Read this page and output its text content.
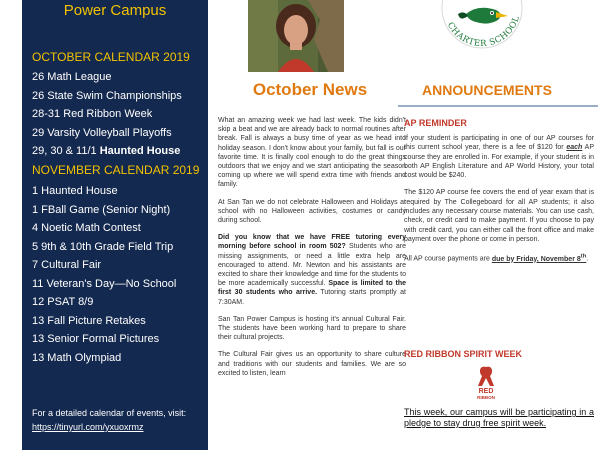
Power Campus
OCTOBER CALENDAR 2019
26 Math League
26 State Swim Championships
28-31 Red Ribbon Week
29 Varsity Volleyball Playoffs
29, 30 & 11/1 Haunted House
NOVEMBER CALENDAR 2019
1 Haunted House
1 FBall Game (Senior Night)
4 Noetic Math Contest
5 9th & 10th Grade Field Trip
7 Cultural Fair
11 Veteran's Day—No School
12 PSAT 8/9
13 Fall Picture Retakes
13 Senior Formal Pictures
13 Math Olympiad
For a detailed calendar of events, visit:
https://tinyurl.com/yxuoxrmz
October News

What an amazing week we had last week. The kids didn't skip a beat and we are already back to normal routines after break. Fall is always a busy time of year as we head into holiday season. I don't know about your family, but fall is our favorite time. It is finally cool enough to do the great things outdoors that we enjoy and we start anticipating the season coming up where we will spend extra time with friends and family.

At San Tan we do not celebrate Halloween and Holidays at school with no Halloween activities, costumes or candy during school.

Did you know that we have FREE tutoring every morning before school in room 502? Students who are missing assignments, or need a little extra help are encouraged to attend. Mr. Newton and his assistants are excited to share their knowledge and time for the students to be more academically successful. Space is limited to the first 30 students who arrive. Tutoring starts promptly at 7:30AM.

San Tan Power Campus is hosting it's annual Cultural Fair. The students have been working hard to prepare to share their cultural projects.

The Cultural Fair gives us an opportunity to share culture and traditions with our students and families. We are so excited to listen, learn

CHARTER SCHOOL
ANNOUNCEMENTS
AP REMINDER

If your student is participating in one of our AP courses for this current school year, there is a fee of $120 for each AP course they are enrolled in. For example, if your student is in both AP English Literature and AP World History, your total cost would be $240.

The $120 AP course fee covers the end of year exam that is required by The Collegeboard for all AP students; it also includes any necessary course materials. You can use cash, check, or credit card to make payment. If you choose to pay with credit card, you can either call the front office and make payment over the phone or come in person.

All AP course payments are due by Friday, November 8th.

RED RIBBON SPIRIT WEEK
RED
RIBBON
This week, our campus will be participating in a pledge to stay drug free spirit week.
